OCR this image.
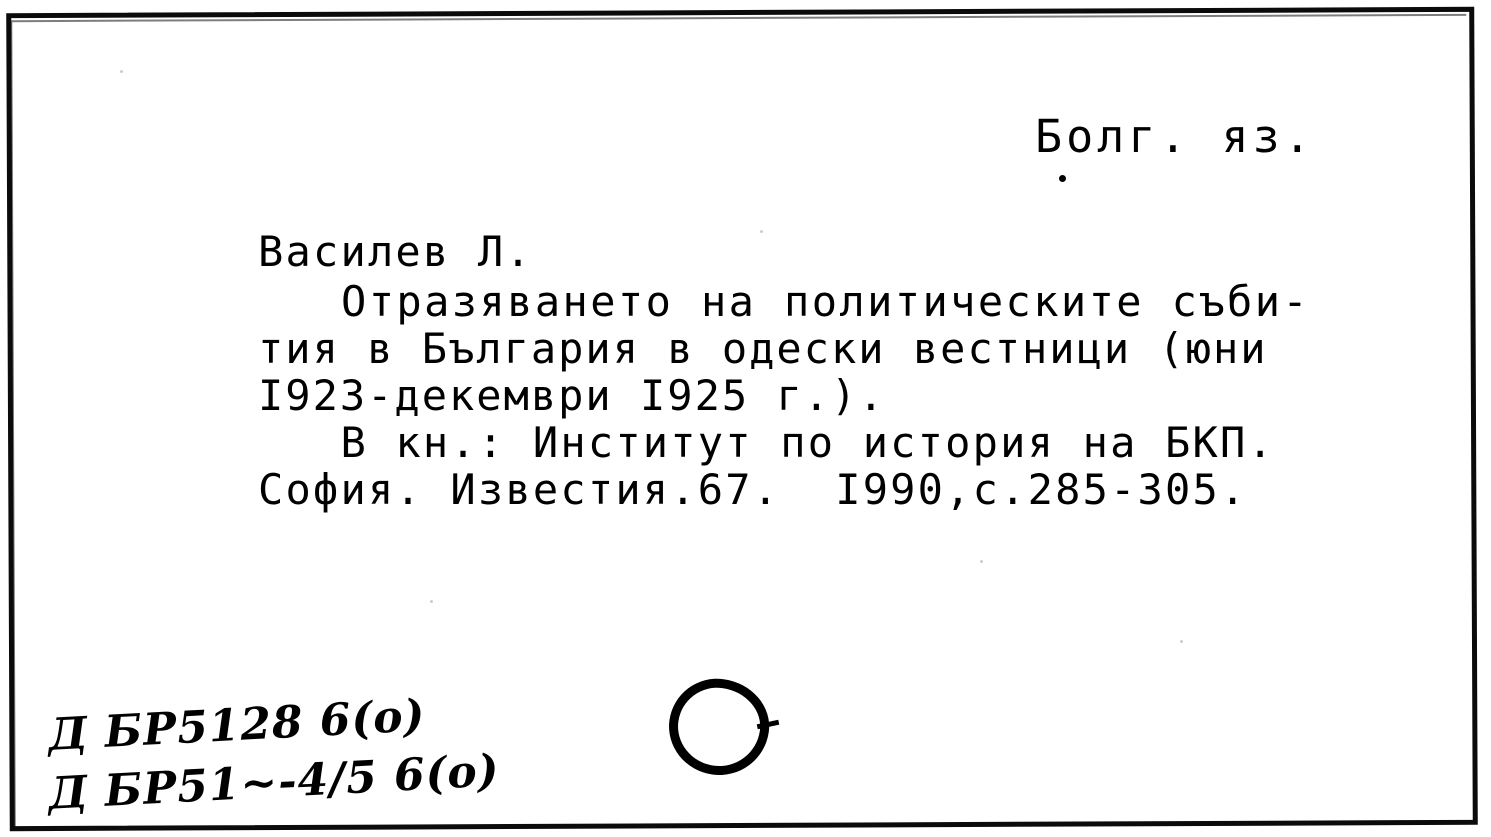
Болг. яз.
Василев Л.
Отразяването на политическите съби-
тия в България в одески вестници (юни
I923-декември I925 г.).
В кн.: Институт по история на БКП.
София. Известия.67.  I990,с.285-305.
Д БР5128 6(о)
Д БР51~-4/5 6(о)
